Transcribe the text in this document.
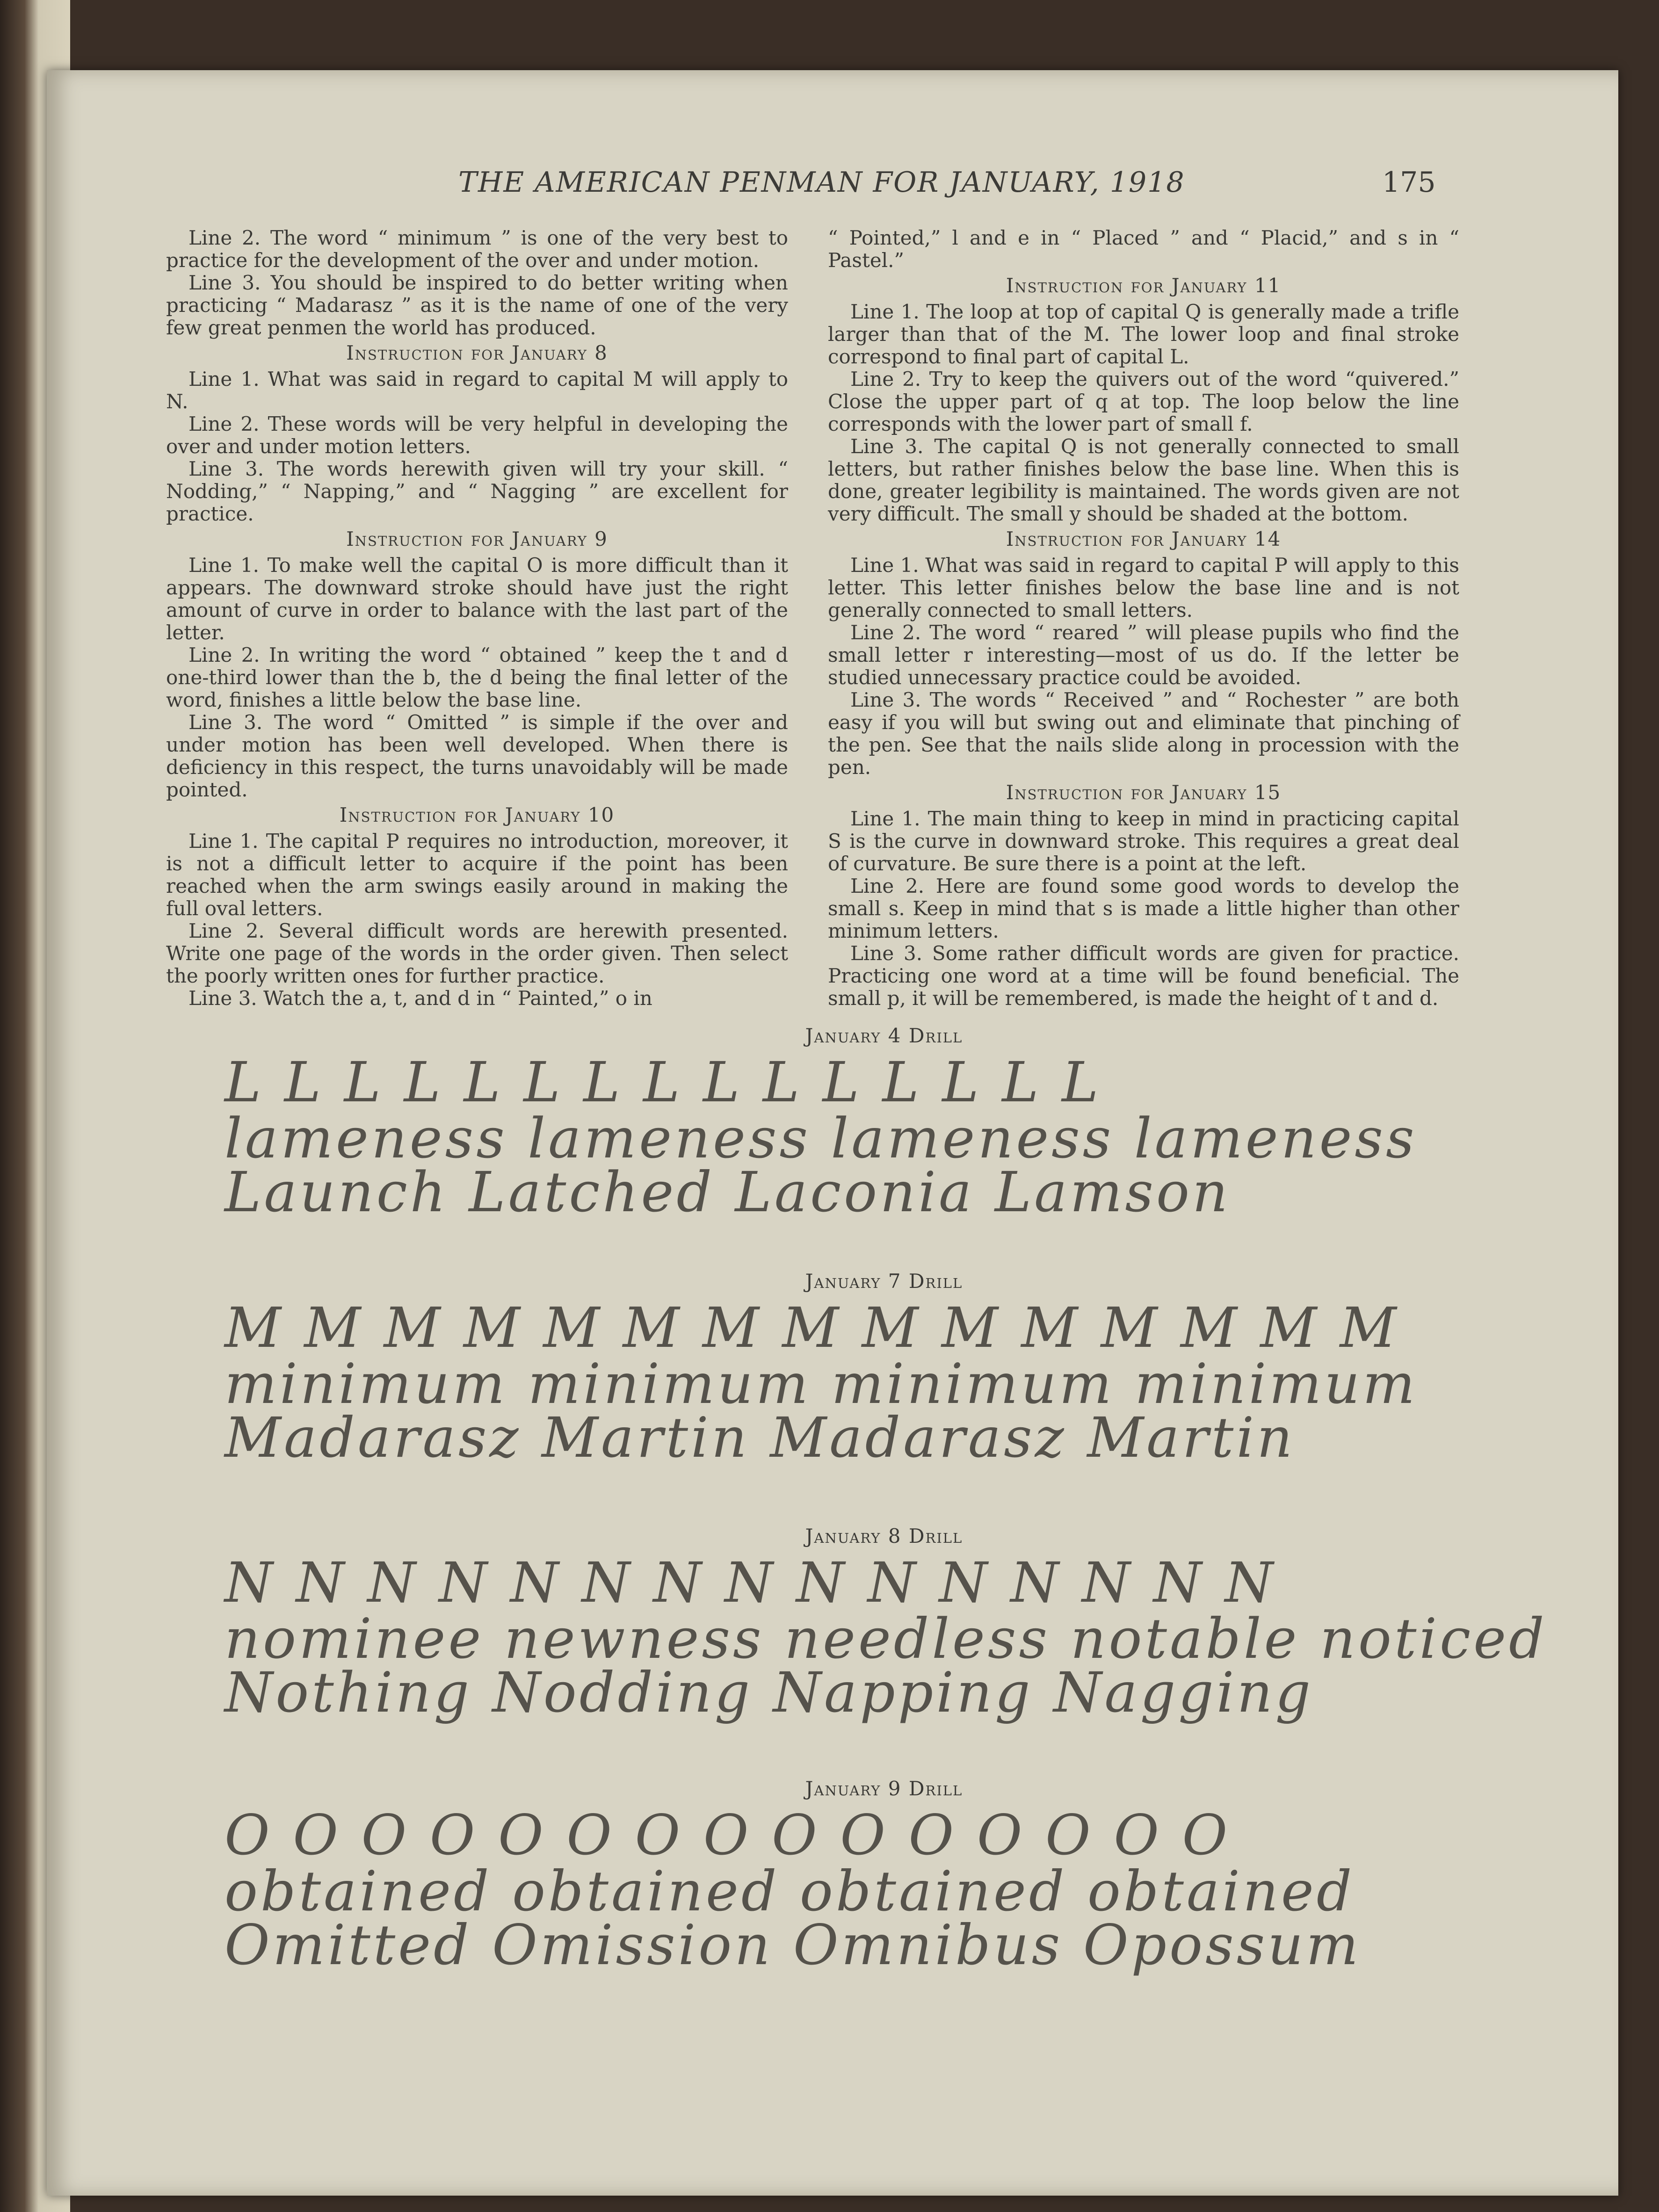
THE AMERICAN PENMAN FOR JANUARY, 1918	175

Line 2. The word “ minimum ” is one of the very best to practice for the development of the over and under motion.

Line 3. You should be inspired to do better writing when practicing “ Madarasz ” as it is the name of one of the very few great penmen the world has produced.

Instruction for January 8

Line 1. What was said in regard to capital M will apply to N.

Line 2. These words will be very helpful in developing the over and under motion letters.

Line 3. The words herewith given will try your skill. “ Nodding,” “ Napping,” and “ Nagging ” are excellent for practice.

Instruction for January 9

Line 1. To make well the capital O is more difficult than it appears. The downward stroke should have just the right amount of curve in order to balance with the last part of the letter.

Line 2. In writing the word “ obtained ” keep the t and d one-third lower than the b, the d being the final letter of the word, finishes a little below the base line.

Line 3. The word “ Omitted ” is simple if the over and under motion has been well developed. When there is deficiency in this respect, the turns unavoidably will be made pointed.

Instruction for January 10

Line 1. The capital P requires no introduction, moreover, it is not a difficult letter to acquire if the point has been reached when the arm swings easily around in making the full oval letters.

Line 2. Several difficult words are herewith presented. Write one page of the words in the order given. Then select the poorly written ones for further practice.

Line 3. Watch the a, t, and d in “ Painted,” o in

“ Pointed,” l and e in “ Placed ” and “ Placid,” and s in “ Pastel.”

Instruction for January 11

Line 1. The loop at top of capital Q is generally made a trifle larger than that of the M. The lower loop and final stroke correspond to final part of capital L.

Line 2. Try to keep the quivers out of the word “quivered.” Close the upper part of q at top. The loop below the line corresponds with the lower part of small f.

Line 3. The capital Q is not generally connected to small letters, but rather finishes below the base line. When this is done, greater legibility is maintained. The words given are not very difficult. The small y should be shaded at the bottom.

Instruction for January 14

Line 1. What was said in regard to capital P will apply to this letter. This letter finishes below the base line and is not generally connected to small letters.

Line 2. The word “ reared ” will please pupils who find the small letter r interesting—most of us do. If the letter be studied unnecessary practice could be avoided.

Line 3. The words “ Received ” and “ Rochester ” are both easy if you will but swing out and eliminate that pinching of the pen. See that the nails slide along in procession with the pen.

Instruction for January 15

Line 1. The main thing to keep in mind in practicing capital S is the curve in downward stroke. This requires a great deal of curvature. Be sure there is a point at the left.

Line 2. Here are found some good words to develop the small s. Keep in mind that s is made a little higher than other minimum letters.

Line 3. Some rather difficult words are given for practice. Practicing one word at a time will be found beneficial. The small p, it will be remembered, is made the height of t and d.

January 4 Drill
L L L L L L L L L L L L L L L
lameness lameness lameness lameness
Launch Latched Laconia Lamson
January 7 Drill
M M M M M M M M M M M M M M M
minimum minimum minimum minimum
Madarasz Martin Madarasz Martin
January 8 Drill
N N N N N N N N N N N N N N N
nominee newness needless notable noticed
Nothing Nodding Napping Nagging
January 9 Drill
O O O O O O O O O O O O O O O
obtained obtained obtained obtained
Omitted Omission Omnibus Opossum
